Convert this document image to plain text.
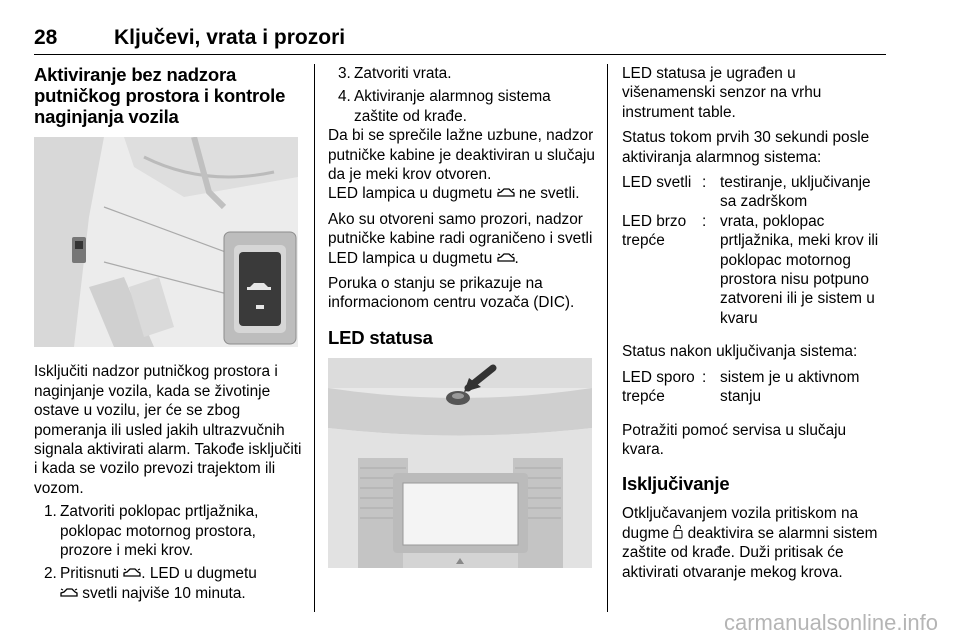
28	Ključevi, vrata i prozori
Aktiviranje bez nadzora putničkog prostora i kontrole naginjanja vozila

Isključiti nadzor putničkog prostora i naginjanje vozila, kada se životinje ostave u vozilu, jer će se zbog pomeranja ili usled jakih ultrazvučnih signala aktivirati alarm. Takođe isključiti i kada se vozilo prevozi trajektom ili vozom.

1. Zatvoriti poklopac prtljažnika, poklopac motornog prostora, prozore i meki krov.
2. Pritisnuti . LED u dugmetu
svetli najviše 10 minuta.
3. Zatvoriti vrata.
4. Aktiviranje alarmnog sistema zaštite od krađe.

Da bi se sprečile lažne uzbune, nadzor putničke kabine je deaktiviran u slučaju da je meki krov otvoren.

LED lampica u dugmetu ne svetli.

Ako su otvoreni samo prozori, nadzor putničke kabine radi ograničeno i svetli LED lampica u dugmetu .

Poruka o stanju se prikazuje na informacionom centru vozača (DIC).

LED statusa

LED statusa je ugrađen u višenamenski senzor na vrhu instrument table.

Status tokom prvih 30 sekundi posle aktiviranja alarmnog sistema:

LED svetli	:	testiranje, uključivanje sa zadrškom
LED brzo trepće	:	vrata, poklopac prtljažnika, meki krov ili poklopac motornog prostora nisu potpuno zatvoreni ili je sistem u kvaru

Status nakon uključivanja sistema:

LED sporo trepće	:	sistem je u aktivnom stanju

Potražiti pomoć servisa u slučaju kvara.

Isključivanje

Otključavanjem vozila pritiskom na dugme deaktivira se alarmni sistem zaštite od krađe. Duži pritisak će aktivirati otvaranje mekog krova.

carmanualsonline.info
